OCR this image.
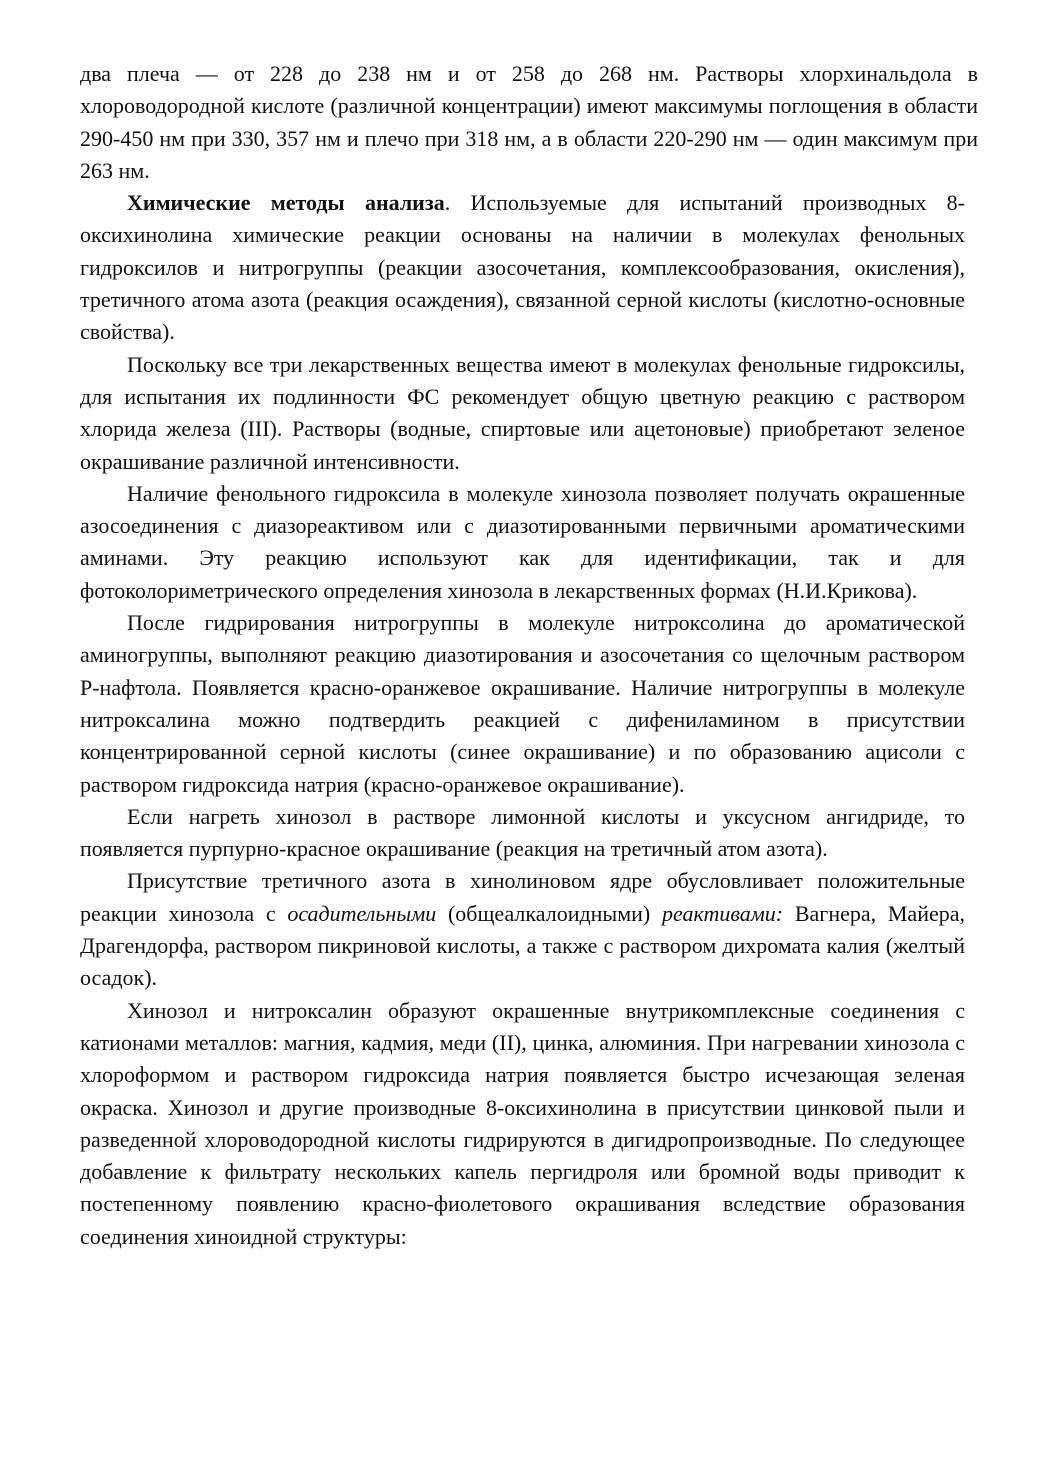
два плеча — от 228 до 238 нм и от 258 до 268 нм. Растворы хлорхинальдола в хлороводородной кислоте (различной концентрации) имеют максимумы поглощения в области 290-450 нм при 330, 357 нм и плечо при 318 нм, а в области 220-290 нм — один максимум при 263 нм.

Химические методы анализа. Используемые для испытаний производных 8-оксихинолина химические реакции основаны на наличии в молекулах фенольных гидроксилов и нитрогруппы (реакции азосочетания, комплексообразования, окисления), третичного атома азота (реакция осаждения), связанной серной кислоты (кислотно-основные свойства).

Поскольку все три лекарственных вещества имеют в молекулах фенольные гидроксилы, для испытания их подлинности ФС рекомендует общую цветную реакцию с раствором хлорида железа (III). Растворы (водные, спиртовые или ацетоновые) приобретают зеленое окрашивание различной интенсивности.

Наличие фенольного гидроксила в молекуле хинозола позволяет получать окрашенные азосоединения с диазореактивом или с диазотированными первичными ароматическими аминами. Эту реакцию используют как для идентификации, так и для фотоколориметрического определения хинозола в лекарственных формах (Н.И.Крикова).

После гидрирования нитрогруппы в молекуле нитроксолина до ароматической аминогруппы, выполняют реакцию диазотирования и азосочетания со щелочным раствором Р-нафтола. Появляется красно-оранжевое окрашивание. Наличие нитрогруппы в молекуле нитроксалина можно подтвердить реакцией с дифениламином в присутствии концентрированной серной кислоты (синее окрашивание) и по образованию ацисоли с раствором гидроксида натрия (красно-оранжевое окрашивание).

Если нагреть хинозол в растворе лимонной кислоты и уксусном ангидриде, то появляется пурпурно-красное окрашивание (реакция на третичный атом азота).

Присутствие третичного азота в хинолиновом ядре обусловливает положительные реакции хинозола с осадительными (общеалкалоидными) реактивами: Вагнера, Майера, Драгендорфа, раствором пикриновой кислоты, а также с раствором дихромата калия (желтый осадок).

Хинозол и нитроксалин образуют окрашенные внутрикомплексные соединения с катионами металлов: магния, кадмия, меди (II), цинка, алюминия. При нагревании хинозола с хлороформом и раствором гидроксида натрия появляется быстро исчезающая зеленая окраска. Хинозол и другие производные 8-оксихинолина в присутствии цинковой пыли и разведенной хлороводородной кислоты гидрируются в дигидропроизводные. По следующее добавление к фильтрату нескольких капель пергидроля или бромной воды приводит к постепенному появлению красно-фиолетового окрашивания вследствие образования соединения хиноидной структуры:
